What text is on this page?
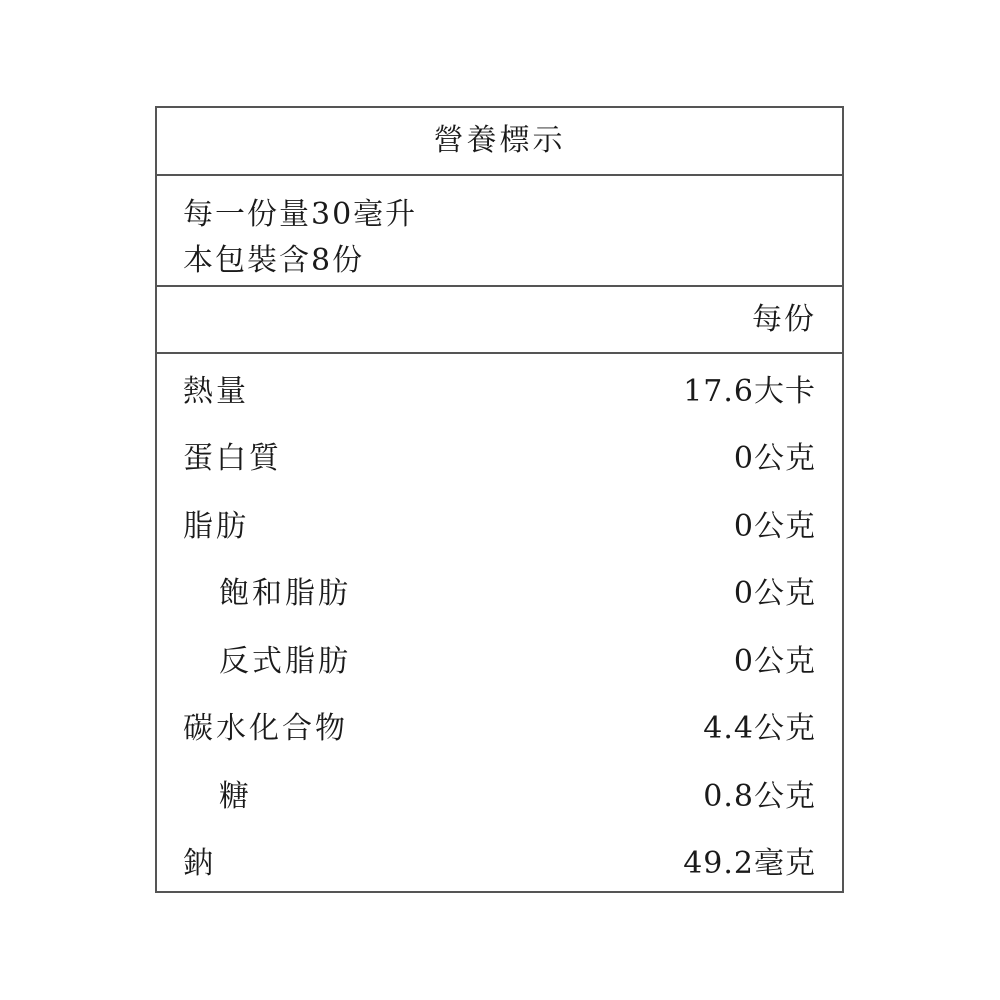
營養標示
每一份量30毫升
本包裝含8份
每份
熱量	17.6大卡
蛋白質	0公克
脂肪	0公克
飽和脂肪	0公克
反式脂肪	0公克
碳水化合物	4.4公克
糖	0.8公克
鈉	49.2毫克
